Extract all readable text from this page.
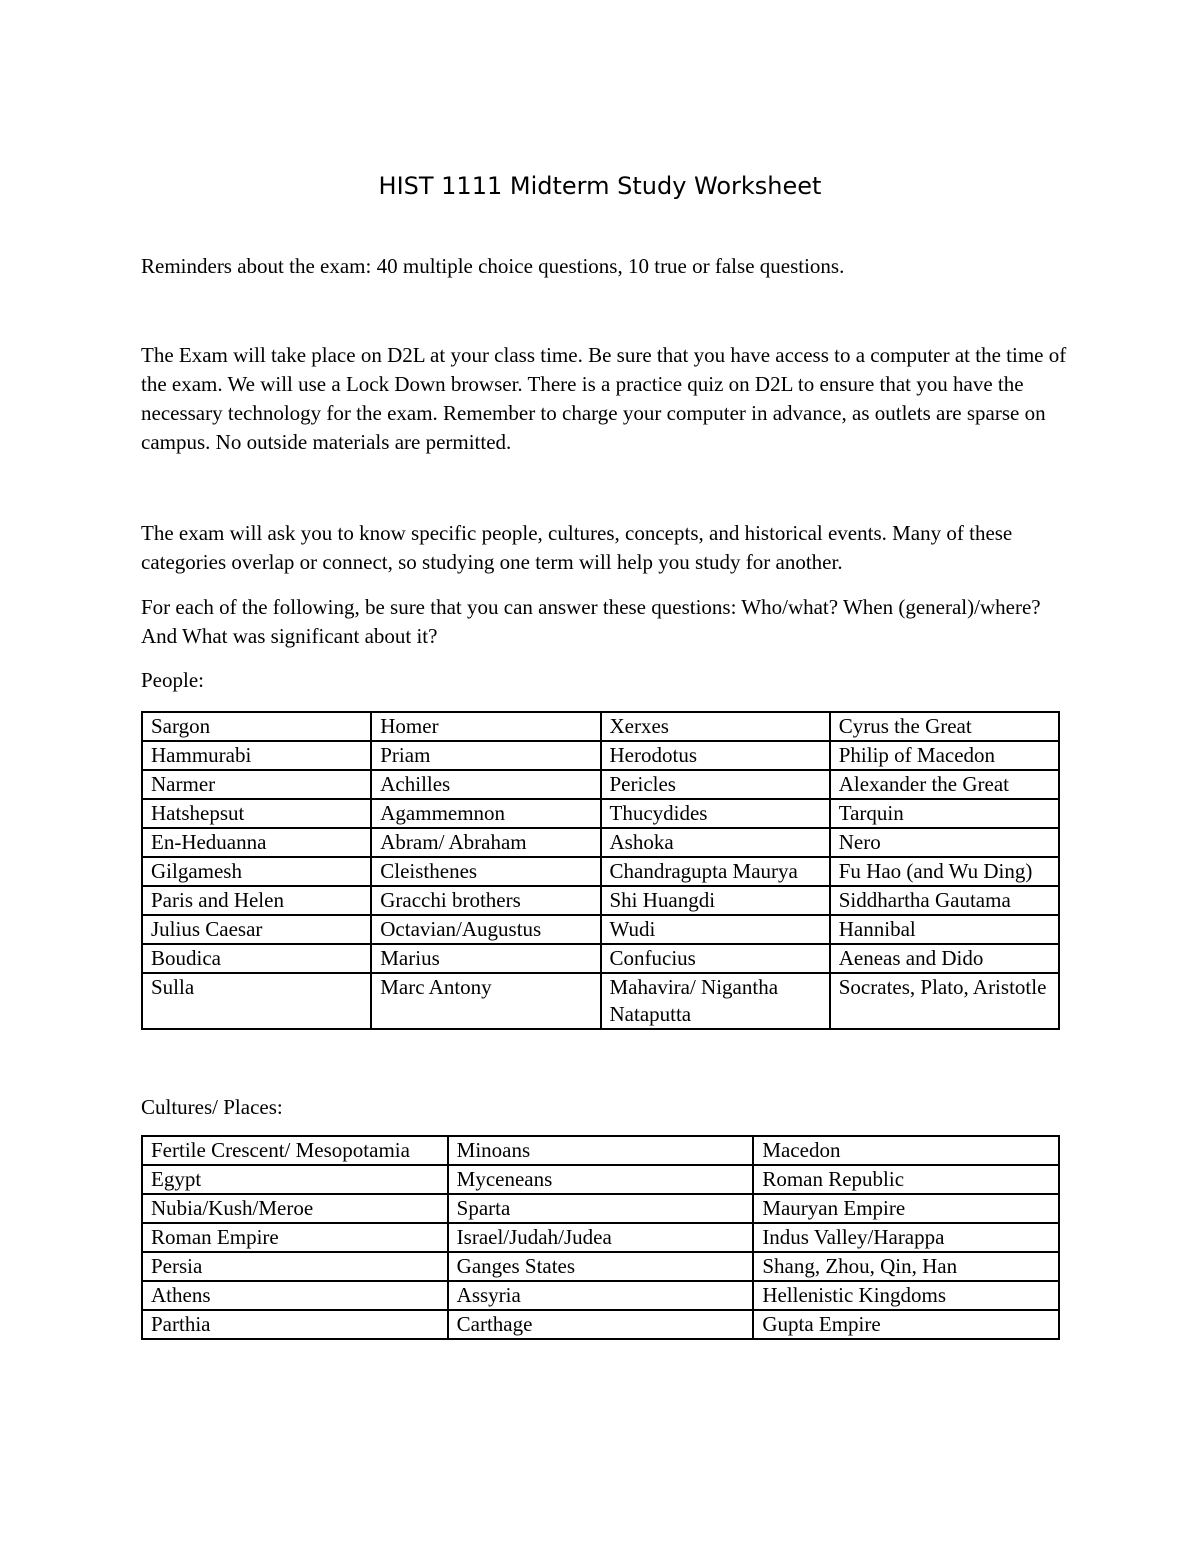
HIST 1111 Midterm Study Worksheet

Reminders about the exam: 40 multiple choice questions, 10 true or false questions.

The Exam will take place on D2L at your class time. Be sure that you have access to a computer at the time of the exam. We will use a Lock Down browser. There is a practice quiz on D2L to ensure that you have the necessary technology for the exam. Remember to charge your computer in advance, as outlets are sparse on campus. No outside materials are permitted.

The exam will ask you to know specific people, cultures, concepts, and historical events. Many of these categories overlap or connect, so studying one term will help you study for another.

For each of the following, be sure that you can answer these questions: Who/what? When (general)/where? And What was significant about it?

People:

Sargon	Homer	Xerxes	Cyrus the Great
Hammurabi	Priam	Herodotus	Philip of Macedon
Narmer	Achilles	Pericles	Alexander the Great
Hatshepsut	Agammemnon	Thucydides	Tarquin
En-Heduanna	Abram/ Abraham	Ashoka	Nero
Gilgamesh	Cleisthenes	Chandragupta Maurya	Fu Hao (and Wu Ding)
Paris and Helen	Gracchi brothers	Shi Huangdi	Siddhartha Gautama
Julius Caesar	Octavian/Augustus	Wudi	Hannibal
Boudica	Marius	Confucius	Aeneas and Dido
Sulla	Marc Antony	Mahavira/ Nigantha Nataputta	Socrates, Plato, Aristotle

Cultures/ Places:

Fertile Crescent/ Mesopotamia	Minoans	Macedon
Egypt	Myceneans	Roman Republic
Nubia/Kush/Meroe	Sparta	Mauryan Empire
Roman Empire	Israel/Judah/Judea	Indus Valley/Harappa
Persia	Ganges States	Shang, Zhou, Qin, Han
Athens	Assyria	Hellenistic Kingdoms
Parthia	Carthage	Gupta Empire
